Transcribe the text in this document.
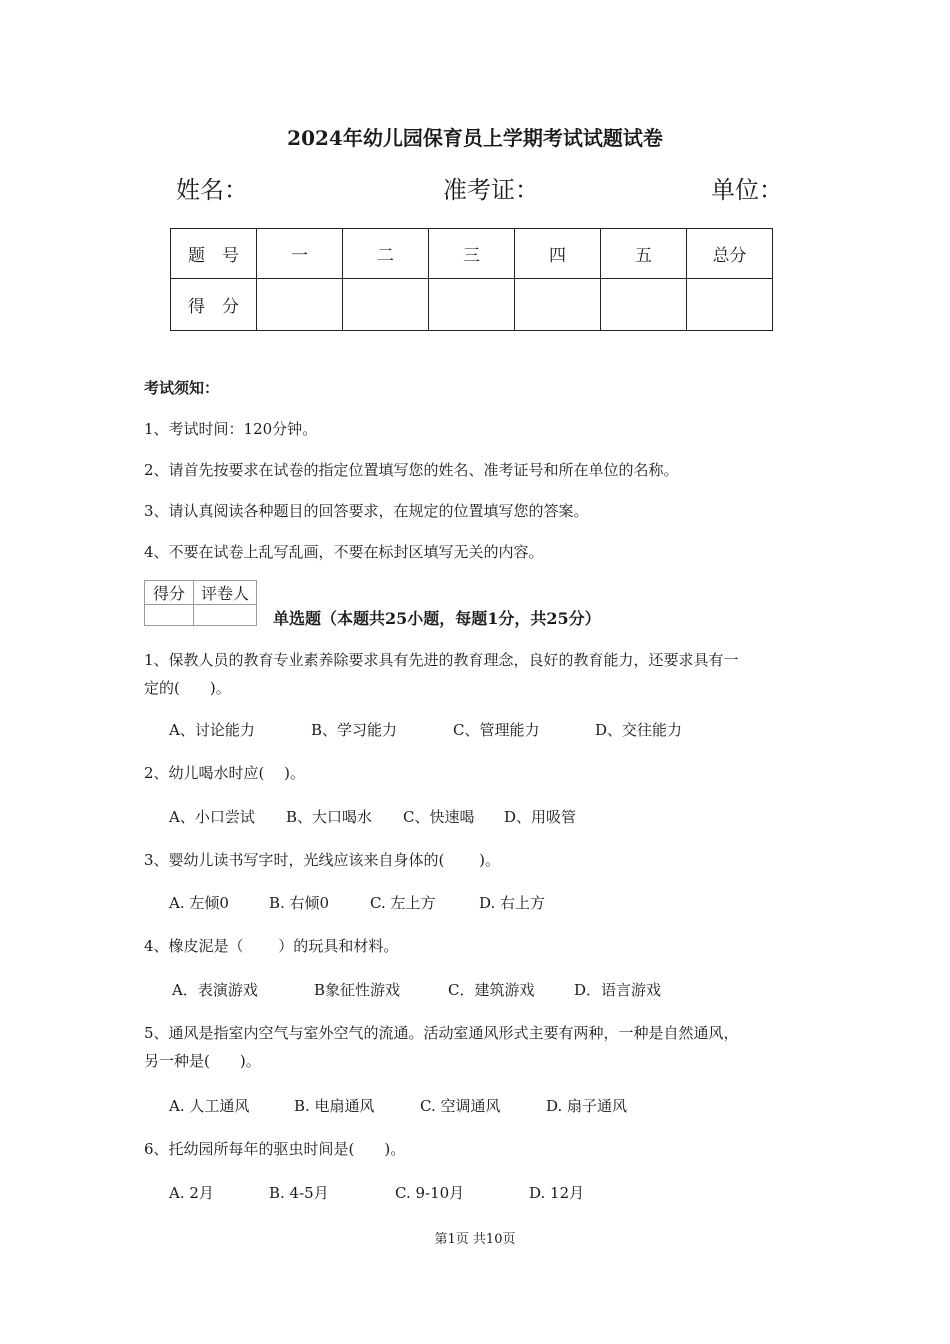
2024年幼儿园保育员上学期考试试题试卷
姓名：	准考证：	单位：
题　号	一	二	三	四	五	总分
得　分						
考试须知：
1、考试时间：120分钟。
2、请首先按要求在试卷的指定位置填写您的姓名、准考证号和所在单位的名称。
3、请认真阅读各种题目的回答要求，在规定的位置填写您的答案。
4、不要在试卷上乱写乱画，不要在标封区填写无关的内容。
得分	评卷人

单选题（本题共25小题，每题1分，共25分）
1、保教人员的教育专业素养除要求具有先进的教育理念，良好的教育能力，还要求具有一
定的(　　)。
A、讨论能力	B、学习能力	C、管理能力	D、交往能力
2、幼儿喝水时应(　 )。
A、小口尝试 B、大口喝水 C、快速喝 D、用吸管
3、婴幼儿读书写字时，光线应该来自身体的(　　 )。
A. 左倾0	B. 右倾0	C. 左上方	D. 右上方
4、橡皮泥是（　　 ）的玩具和材料。
A．表演游戏	B象征性游戏	C．建筑游戏	D．语言游戏
5、通风是指室内空气与室外空气的流通。活动室通风形式主要有两种，一种是自然通风，
另一种是(　　)。
A. 人工通风	B. 电扇通风	C. 空调通风	D. 扇子通风
6、托幼园所每年的驱虫时间是(　　)。
A. 2月	B. 4-5月	C. 9-10月	D. 12月
第1页 共10页
